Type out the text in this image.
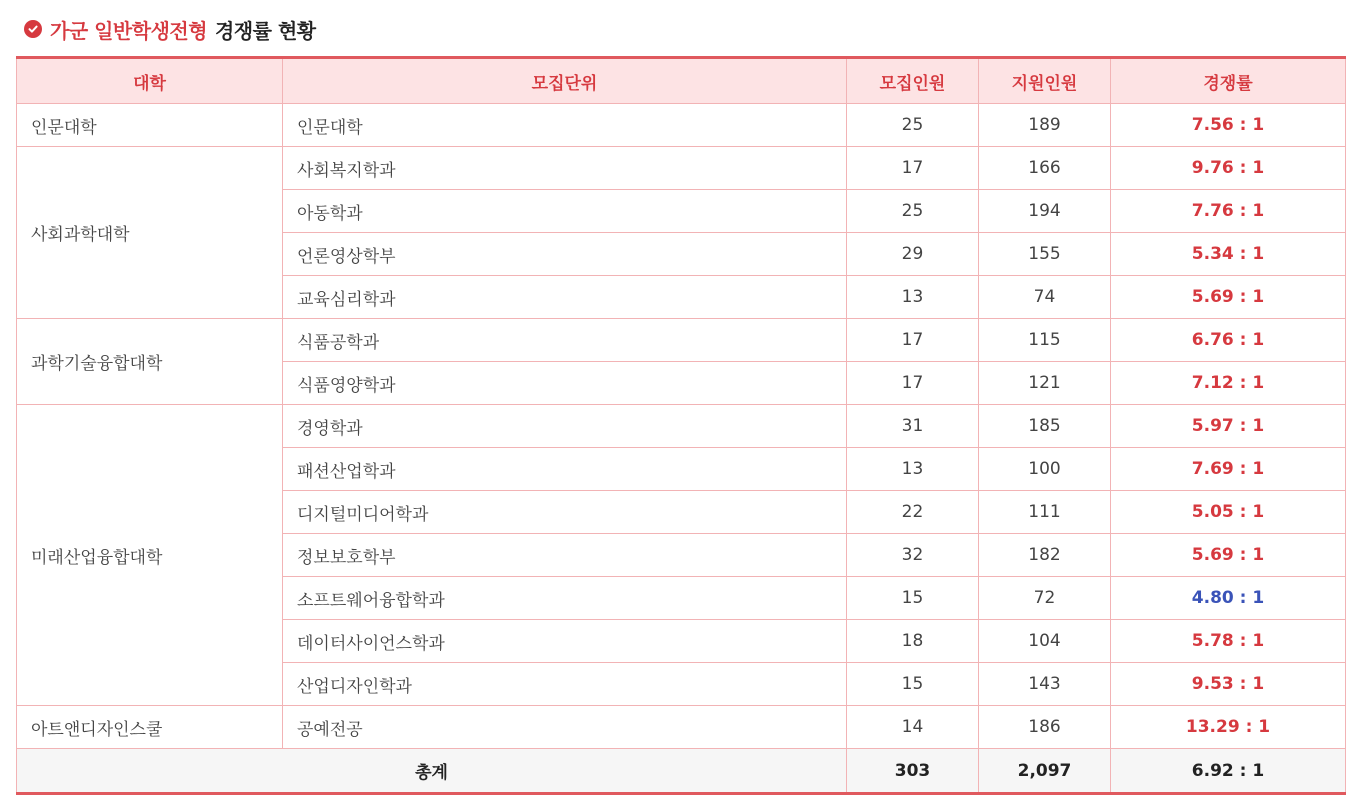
가군 일반학생전형 경쟁률 현황
대학	모집단위	모집인원	지원인원	경쟁률
인문대학	인문대학	25	189	7.56 : 1
사회과학대학	사회복지학과	17	166	9.76 : 1
	아동학과	25	194	7.76 : 1
	언론영상학부	29	155	5.34 : 1
	교육심리학과	13	74	5.69 : 1
과학기술융합대학	식품공학과	17	115	6.76 : 1
	식품영양학과	17	121	7.12 : 1
미래산업융합대학	경영학과	31	185	5.97 : 1
	패션산업학과	13	100	7.69 : 1
	디지털미디어학과	22	111	5.05 : 1
	정보보호학부	32	182	5.69 : 1
	소프트웨어융합학과	15	72	4.80 : 1
	데이터사이언스학과	18	104	5.78 : 1
	산업디자인학과	15	143	9.53 : 1
아트앤디자인스쿨	공예전공	14	186	13.29 : 1
총계		303	2,097	6.92 : 1
